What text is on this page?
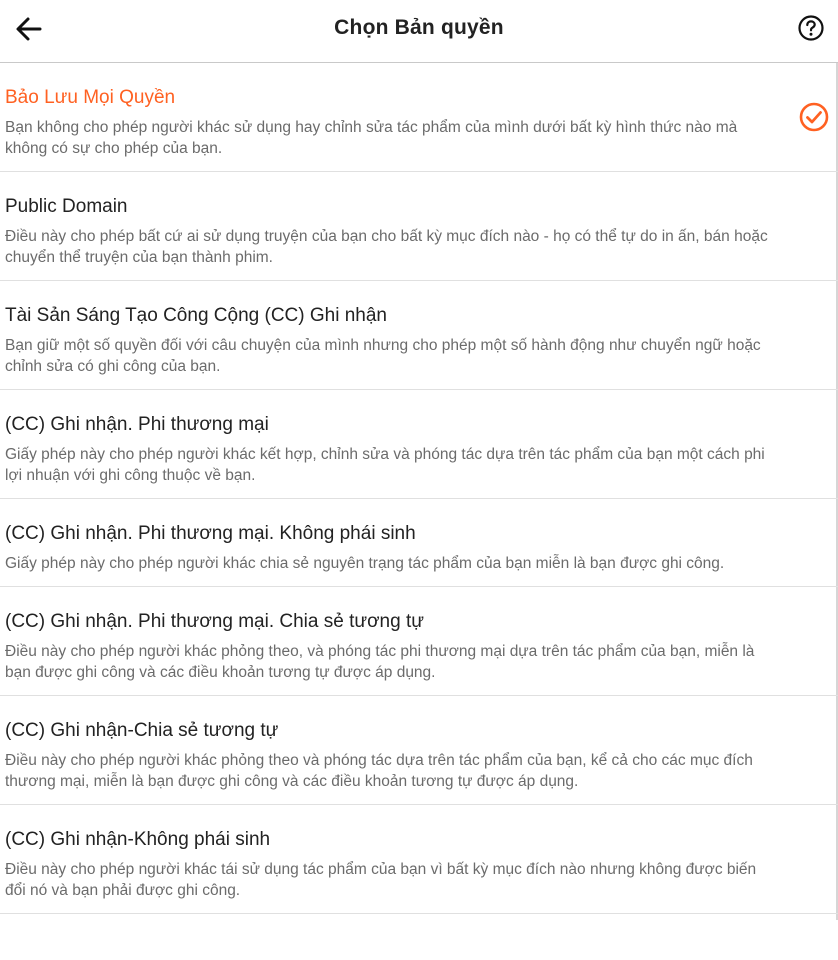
Chọn Bản quyền
Bảo Lưu Mọi Quyền
Bạn không cho phép người khác sử dụng hay chỉnh sửa tác phẩm của mình dưới bất kỳ hình thức nào mà không có sự cho phép của bạn.
Public Domain
Điều này cho phép bất cứ ai sử dụng truyện của bạn cho bất kỳ mục đích nào - họ có thể tự do in ấn, bán hoặc chuyển thể truyện của bạn thành phim.
Tài Sản Sáng Tạo Công Cộng (CC) Ghi nhận
Bạn giữ một số quyền đối với câu chuyện của mình nhưng cho phép một số hành động như chuyển ngữ hoặc chỉnh sửa có ghi công của bạn.
(CC) Ghi nhận. Phi thương mại
Giấy phép này cho phép người khác kết hợp, chỉnh sửa và phóng tác dựa trên tác phẩm của bạn một cách phi lợi nhuận với ghi công thuộc về bạn.
(CC) Ghi nhận. Phi thương mại. Không phái sinh
Giấy phép này cho phép người khác chia sẻ nguyên trạng tác phẩm của bạn miễn là bạn được ghi công.
(CC) Ghi nhận. Phi thương mại. Chia sẻ tương tự
Điều này cho phép người khác phỏng theo, và phóng tác phi thương mại dựa trên tác phẩm của bạn, miễn là bạn được ghi công và các điều khoản tương tự được áp dụng.
(CC) Ghi nhận-Chia sẻ tương tự
Điều này cho phép người khác phỏng theo và phóng tác dựa trên tác phẩm của bạn, kể cả cho các mục đích thương mại, miễn là bạn được ghi công và các điều khoản tương tự được áp dụng.
(CC) Ghi nhận-Không phái sinh
Điều này cho phép người khác tái sử dụng tác phẩm của bạn vì bất kỳ mục đích nào nhưng không được biến đổi nó và bạn phải được ghi công.
